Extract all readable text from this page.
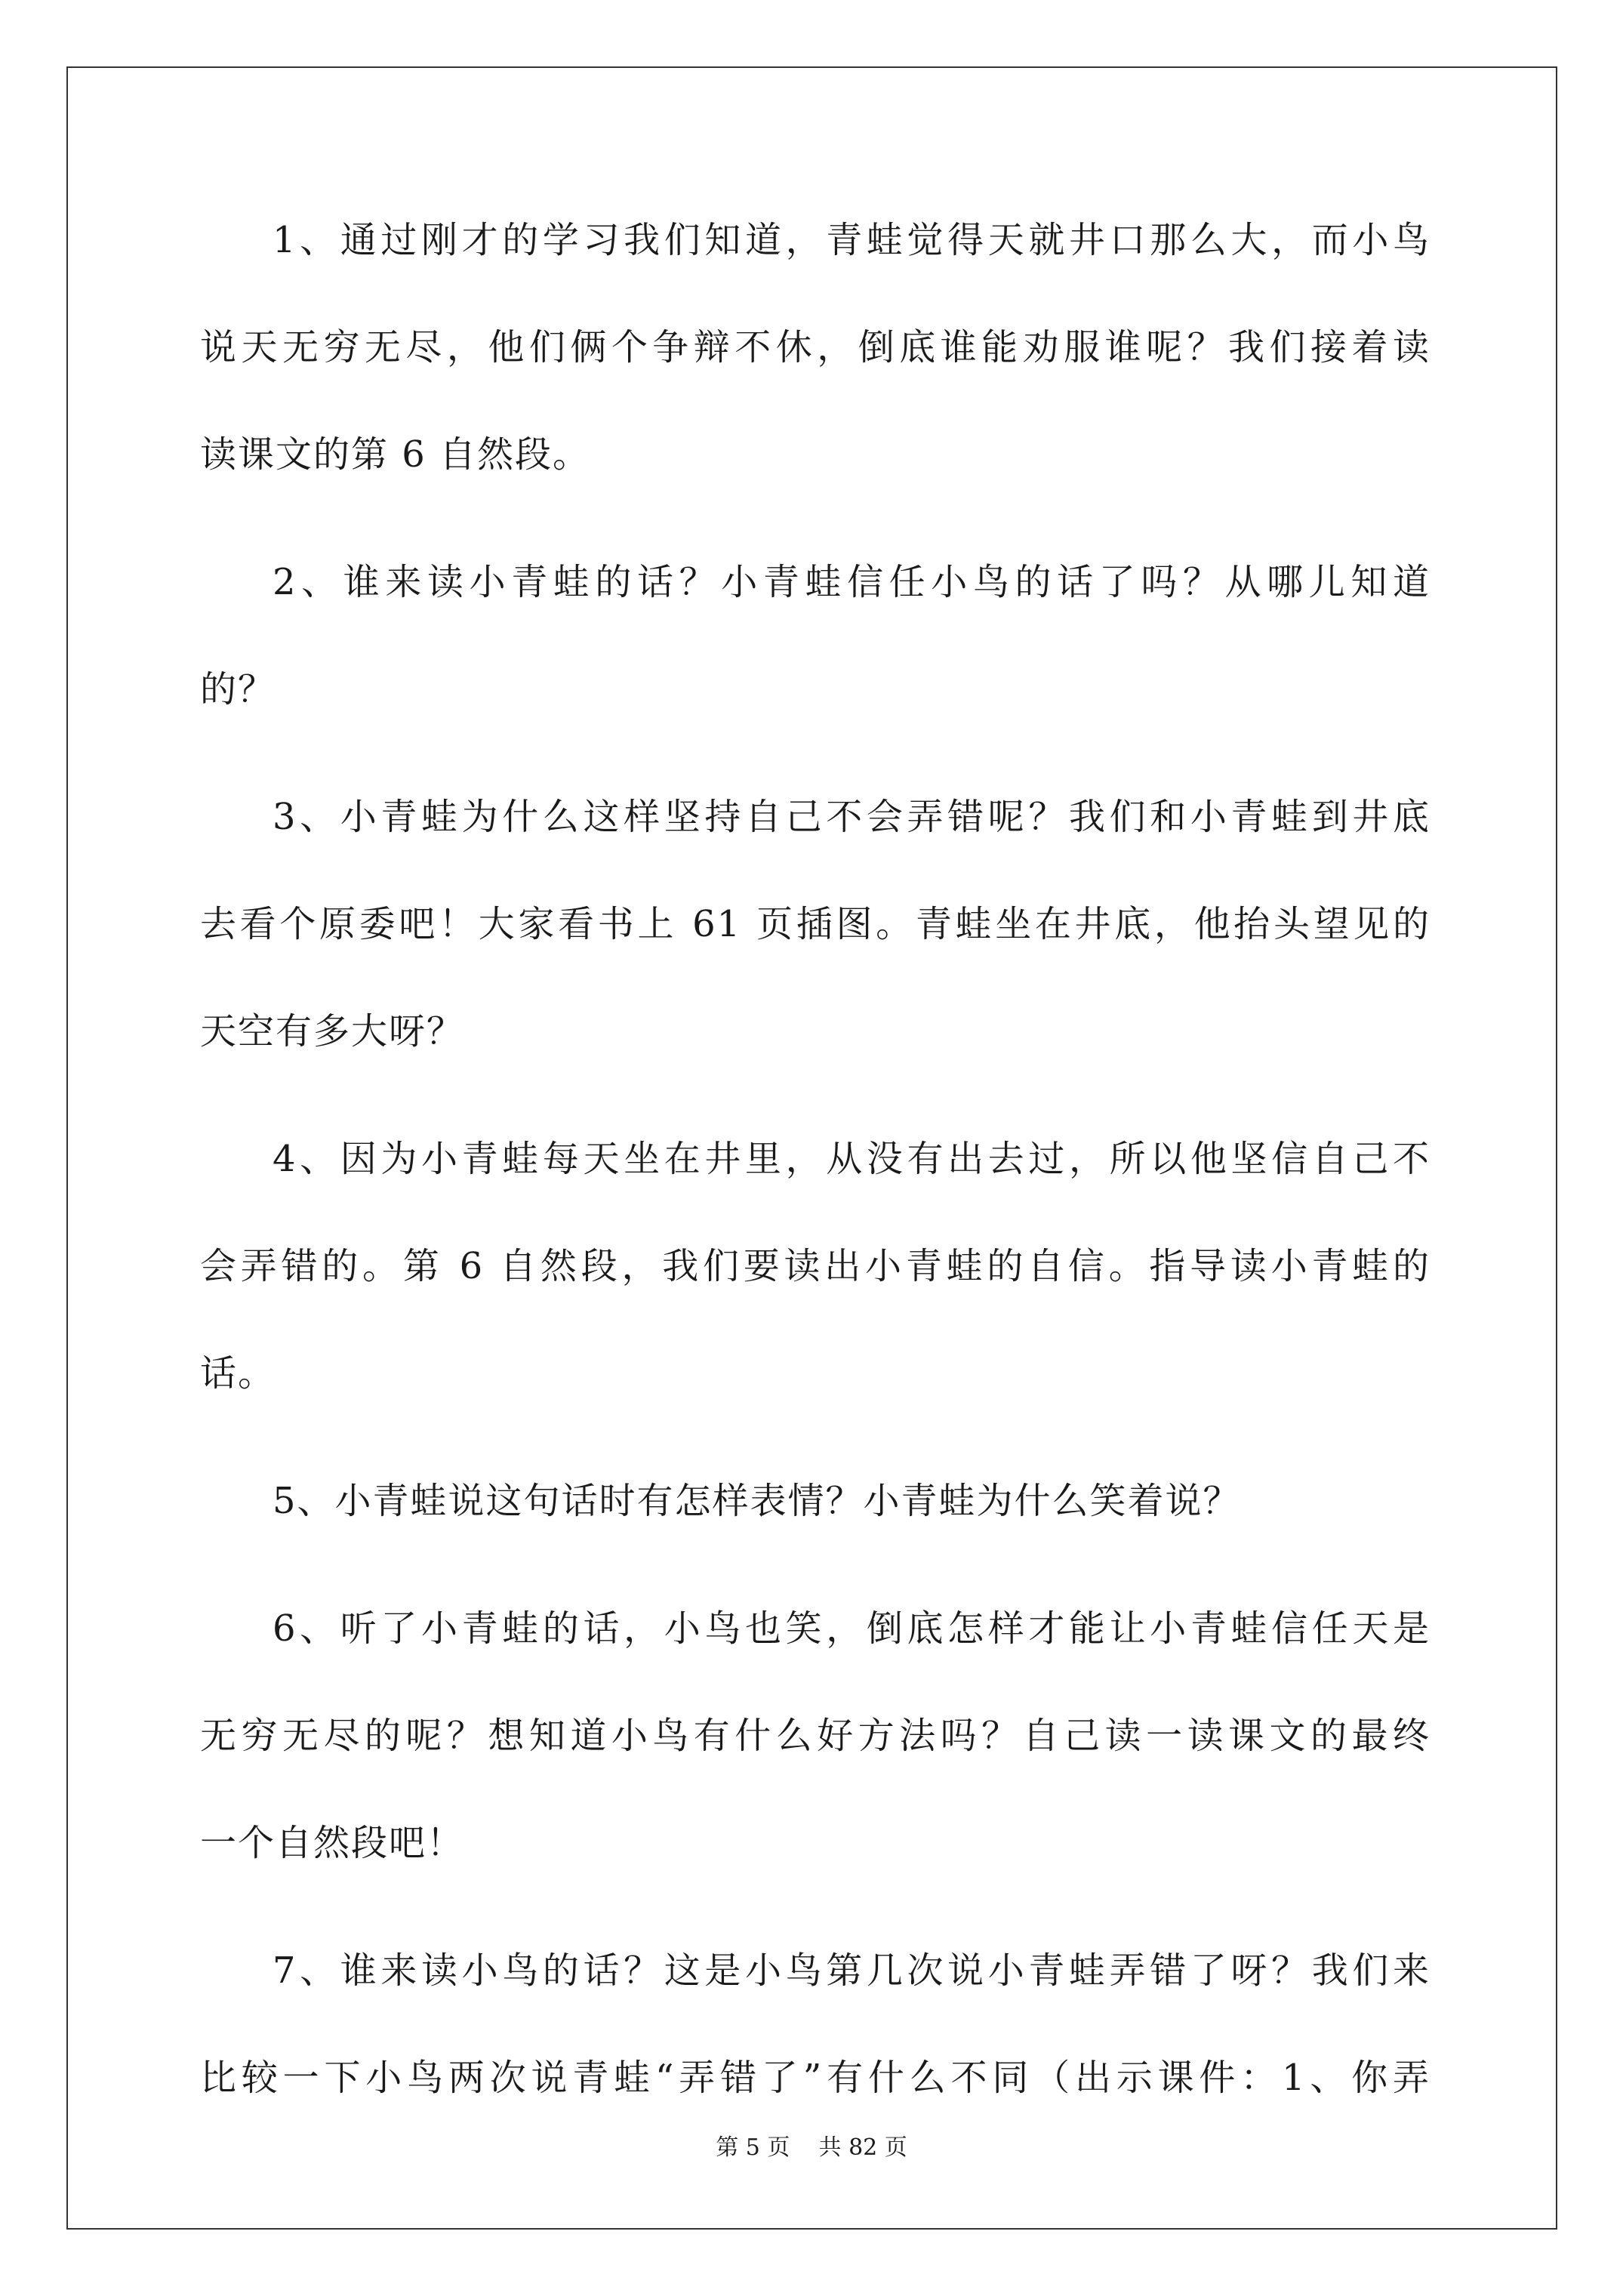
1、通过刚才的学习我们知道，青蛙觉得天就井口那么大，而小鸟
说天无穷无尽，他们俩个争辩不休，倒底谁能劝服谁呢？我们接着读
读课文的第 6 自然段。
2、谁来读小青蛙的话？小青蛙信任小鸟的话了吗？从哪儿知道
的？
3、小青蛙为什么这样坚持自己不会弄错呢？我们和小青蛙到井底
去看个原委吧！大家看书上 61 页插图。青蛙坐在井底，他抬头望见的
天空有多大呀？
4、因为小青蛙每天坐在井里，从没有出去过，所以他坚信自己不
会弄错的。第 6 自然段，我们要读出小青蛙的自信。指导读小青蛙的
话。
5、小青蛙说这句话时有怎样表情？小青蛙为什么笑着说？
6、听了小青蛙的话，小鸟也笑，倒底怎样才能让小青蛙信任天是
无穷无尽的呢？想知道小鸟有什么好方法吗？自己读一读课文的最终
一个自然段吧！
7、谁来读小鸟的话？这是小鸟第几次说小青蛙弄错了呀？我们来
比较一下小鸟两次说青蛙“弄错了”有什么不同（出示课件：1、你弄
第 5 页 共 82 页
